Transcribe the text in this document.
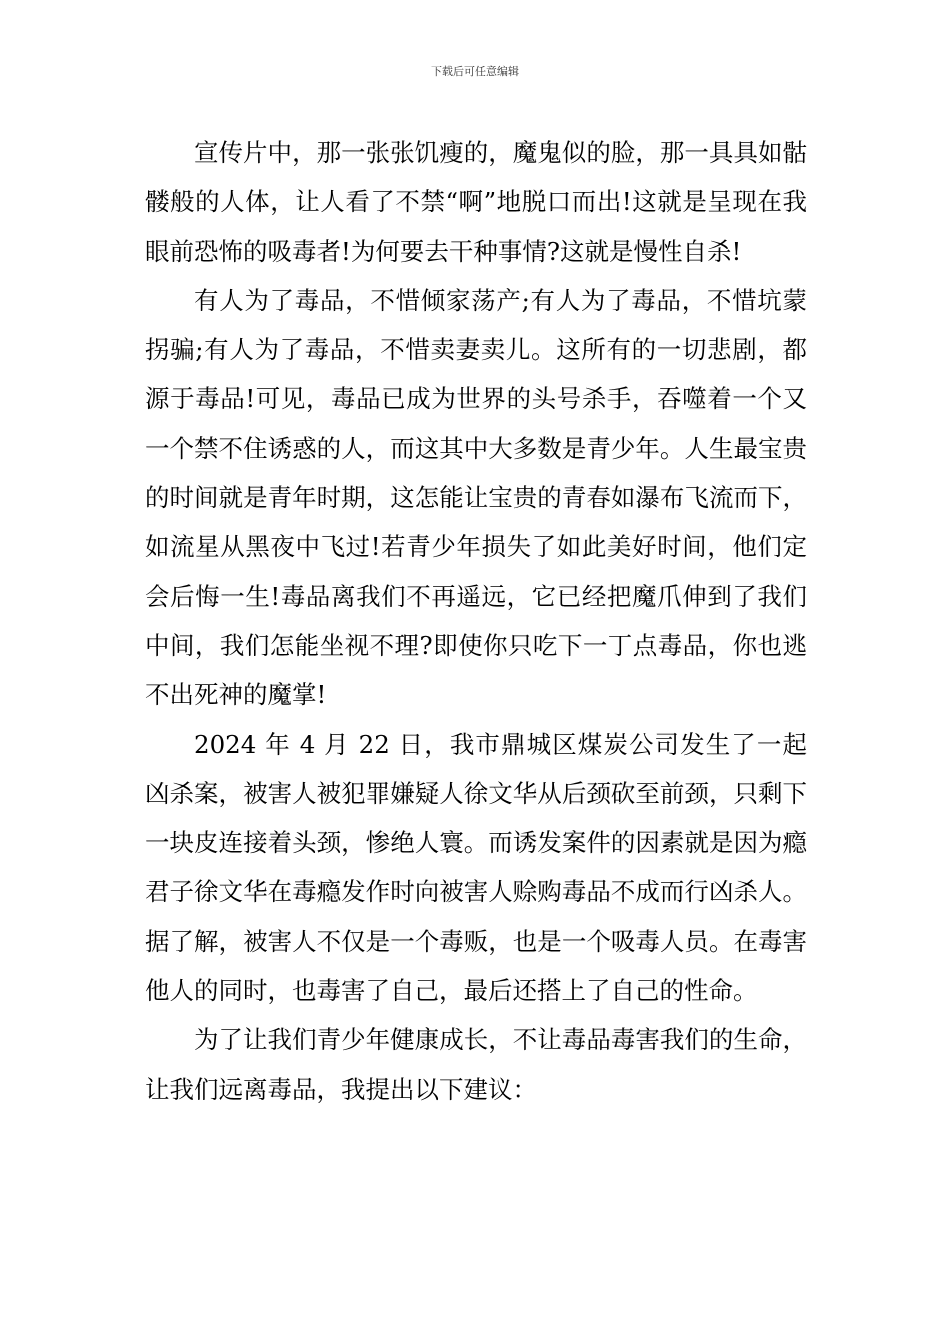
下载后可任意编辑

宣传片中，那一张张饥瘦的，魔鬼似的脸，那一具具如骷髅般的人体，让人看了不禁“啊”地脱口而出!这就是呈现在我眼前恐怖的吸毒者!为何要去干种事情?这就是慢性自杀!

有人为了毒品，不惜倾家荡产;有人为了毒品，不惜坑蒙拐骗;有人为了毒品，不惜卖妻卖儿。这所有的一切悲剧，都源于毒品!可见，毒品已成为世界的头号杀手，吞噬着一个又一个禁不住诱惑的人，而这其中大多数是青少年。人生最宝贵的时间就是青年时期，这怎能让宝贵的青春如瀑布飞流而下，如流星从黑夜中飞过!若青少年损失了如此美好时间，他们定会后悔一生!毒品离我们不再遥远，它已经把魔爪伸到了我们中间，我们怎能坐视不理?即使你只吃下一丁点毒品，你也逃不出死神的魔掌!

2024 年 4 月 22 日，我市鼎城区煤炭公司发生了一起凶杀案，被害人被犯罪嫌疑人徐文华从后颈砍至前颈，只剩下一块皮连接着头颈，惨绝人寰。而诱发案件的因素就是因为瘾君子徐文华在毒瘾发作时向被害人赊购毒品不成而行凶杀人。据了解，被害人不仅是一个毒贩，也是一个吸毒人员。在毒害他人的同时，也毒害了自己，最后还搭上了自己的性命。

为了让我们青少年健康成长，不让毒品毒害我们的生命，让我们远离毒品，我提出以下建议：
